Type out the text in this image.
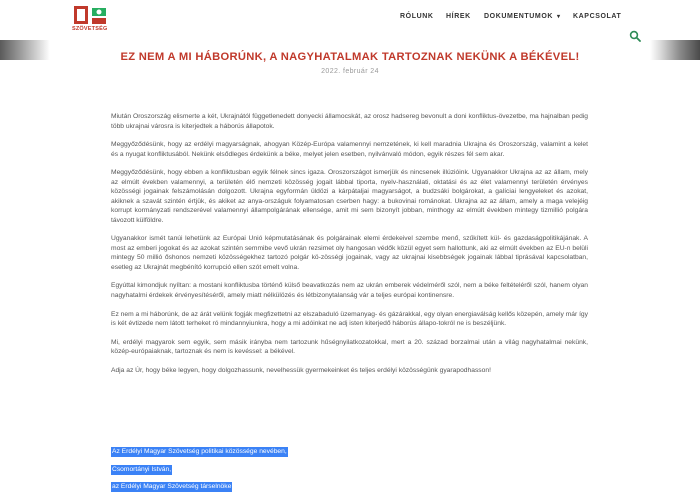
SZÖVETSÉG
RÓLUNK HÍREK DOKUMENTUMOK ▾ KAPCSOLAT
EZ NEM A MI HÁBORÚNK, A NAGYHATALMAK TARTOZNAK NEKÜNK A BÉKÉVEL!
2022. február 24

Miután Oroszország elismerte a két, Ukrajnától függetlenedett donyecki államocskát, az orosz hadsereg bevonult a doni konfliktus-övezetbe, ma hajnalban pedig több ukrajnai városra is kiterjedtek a háborús állapotok.

Meggyőződésünk, hogy az erdélyi magyarságnak, ahogyan Közép-Európa valamennyi nemzetének, ki kell maradnia Ukrajna és Oroszország, valamint a kelet és a nyugat konfliktusából. Nekünk elsődleges érdekünk a béke, melyet jelen esetben, nyilvánvaló módon, egyik részes fél sem akar.

Meggyőződésünk, hogy ebben a konfliktusban egyik félnek sincs igaza. Oroszországot ismerjük és nincsenek illúzióink. Ugyanakkor Ukrajna az az állam, mely az elmúlt években valamennyi, a területén élő nemzeti közösség jogait lábbal tiporta, nyelv-használati, oktatási és az élet valamennyi területén érvényes közösségi jogainak felszámolásán dolgozott. Ukrajna egyformán üldözi a kárpátaljai magyarságot, a budzsáki bolgárokat, a galíciai lengyeleket és azokat, akiknek a szavát szintén értjük, és akiket az anya-országuk folyamatosan cserben hagy: a bukovinai románokat. Ukrajna az az állam, amely a maga velejéig korrupt kormányzati rendszerével valamennyi állampolgárának ellensége, amit mi sem bizonyít jobban, minthogy az elmúlt években mintegy tizmillió polgára távozott külföldre.

Ugyanakkor ismét tanúi lehetünk az Európai Unió képmutatásának és polgárainak elemi érdekeivel szembe menő, szűkített kül- és gazdaságpolitikájának. A most az emberi jogokat és az azokat szintén semmibe vevő ukrán rezsimet oly hangosan védők közül egyet sem hallottunk, aki az elmúlt években az EU-n belüli mintegy 50 millió őshonos nemzeti közösségekhez tartozó polgár kö-zösségi jogainak, vagy az ukrajnai kisebbségek jogainak lábbal tiprásával kapcsolatban, esetleg az Ukrajnát megbénító korrupció ellen szót emelt volna.

Egyúttal kimondjuk nyíltan: a mostani konfliktusba történő külső beavatkozás nem az ukrán emberek védelméről szól, nem a béke feltételéről szól, hanem olyan nagyhatalmi érdekek érvényesítéséről, amely miatt nélkülözés és létbizonytalanság vár a teljes európai kontinensre.

Ez nem a mi háborúnk, de az árát velünk fogják megfizettetni az elszabaduló üzemanyag- és gázárakkal, egy olyan energiaválság kellős közepén, amely már így is két évtizede nem látott terheket ró mindannyiunkra, hogy a mi adóinkat ne adj isten kiterjedő háborús állapo-tokról ne is beszéljünk.

Mi, erdélyi magyarok sem egyik, sem másik irányba nem tartozunk hűségnyilatkozatokkal, mert a 20. század borzalmai után a világ nagyhatalmai nekünk, közép-európaiaknak, tartoznak és nem is kevéssel: a békével.

Adja az Úr, hogy béke legyen, hogy dolgozhassunk, nevelhessük gyermekeinket és teljes erdélyi közösségünk gyarapodhasson!

Az Erdélyi Magyar Szövetség politikai közössége nevében,
Csomortányi István,
az Erdélyi Magyar Szövetség társelnöke
